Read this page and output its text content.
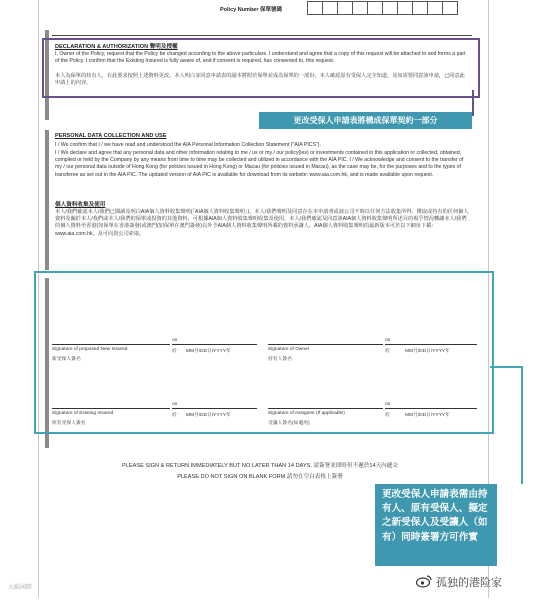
Policy Number 保單號碼
DECLARATION & AUTHORIZATION 聲明及授權
I, Owner of the Policy, request that the Policy be changed according to the above particulars. I understand and agree that a copy of this request will be attached to and forms a part of the Policy. I confirm that the Existing Insured is fully aware of, and if consent is required, has consented to, this request.
本人為保單的持有人，在此要求按照上述資料更改。本人明白並同意申請表的副本將附於保單並成為保單的一部份。本人確認原有受保人完全知道，及如需要同意該申請，已同意此申請上的內容。
更改受保人申請表將構成保單契約一部分
PERSONAL DATA COLLECTION AND USE
I / We confirm that I / we have read and understood the AIA Personal Information Collection Statement ("AIA PICS").
I / We declare and agree that any personal data and other information relating to me / us or my / our policy(ies) or investments contained in this application or collected, obtained, compiled or held by the Company by any means from time to time may be collected and utilized in accordance with the AIA PIC. I / We acknowledge and consent to the transfer of my / our personal data outside of Hong Kong (for policies issued in Hong Kong) or Macau (for policies issued in Macau), as the case may be, for the purposes and to the types of transferee as set out in the AIA PIC. The updated version of AIA PIC is available for download from its website: www.aia.com.hk, and is made available upon request.
個人資料收集及使用
本人/我們確認本人/我們已閱讀及明白AIA個人資料收集聲明(「AIA個人資料收集聲明」)。本人/我們聲明及同意存在本申請書或該公司不時以任何方法收集所得、獲取或持有的任何個人資料及關於本人/我們或本人/我們的保單或投資的其他資料，可根據AIA個人資料收集聲明收集及使用。本人/我們確認及同意該AIA個人資料收集聲明所述目的視乎情況轉讓本人/我們的個人資料至香港(如保單在香港簽發)或澳門(如保單在澳門簽發)以外予AIA個人資料收集聲明所載的資料承讓人。AIA個人資料收集聲明的最新版本可於以下網址下載：www.aia.com.hk，及可向貴公司索取。
on
Signature of proposed New Insured
新受保人簽名
於 MM月/DD日/YYYY年
on
Signature of Owner
持有人簽名
於	MM月/DD日/YYYY年
on
Signature of Existing Insured
原有受保人簽名
於 MM月/DD日/YYYY年
on
Signature of Assignee (If applicable)
受讓人簽名(如適用)
於	MM月/DD日/YYYY年
PLEASE SIGN & RETURN IMMEDIATELY BUT NO LATER THAN 14 DAYS. 請簽署並即時但不遲於14天內遞交
PLEASE DO NOT SIGN ON BLANK FORM 請勿在空白表格上簽署
更改受保人申請表需由持有人、原有受保人、擬定之新受保人及受讓人（如有）同時簽署方可作實
大歐國際	孤独的港险家
